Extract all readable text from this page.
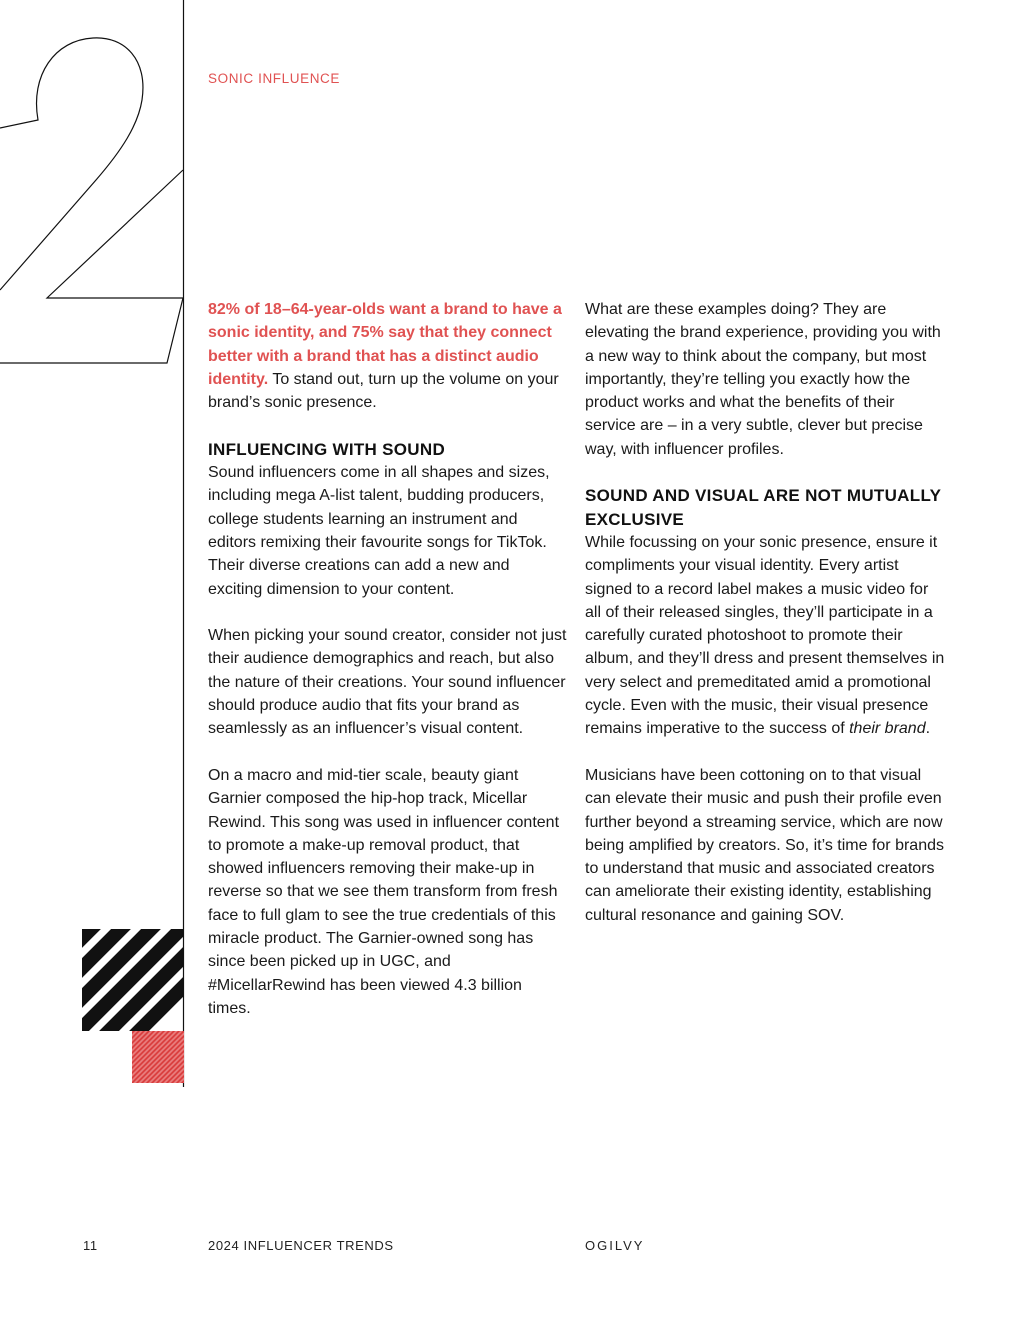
SONIC INFLUENCE

82% of 18–64-year-olds want a brand to have a sonic identity, and 75% say that they connect better with a brand that has a distinct audio identity. To stand out, turn up the volume on your brand’s sonic presence.

INFLUENCING WITH SOUND

Sound influencers come in all shapes and sizes, including mega A-list talent, budding producers, college students learning an instrument and editors remixing their favourite songs for TikTok. Their diverse creations can add a new and exciting dimension to your content.

When picking your sound creator, consider not just their audience demographics and reach, but also the nature of their creations. Your sound influencer should produce audio that fits your brand as seamlessly as an influencer’s visual content.

On a macro and mid-tier scale, beauty giant Garnier composed the hip-hop track, Micellar Rewind. This song was used in influencer content to promote a make-up removal product, that showed influencers removing their make-up in reverse so that we see them transform from fresh face to full glam to see the true credentials of this miracle product. The Garnier-owned song has since been picked up in UGC, and #MicellarRewind has been viewed 4.3 billion times.

What are these examples doing? They are elevating the brand experience, providing you with a new way to think about the company, but most importantly, they’re telling you exactly how the product works and what the benefits of their service are – in a very subtle, clever but precise way, with influencer profiles.

SOUND AND VISUAL ARE NOT MUTUALLY EXCLUSIVE

While focussing on your sonic presence, ensure it compliments your visual identity. Every artist signed to a record label makes a music video for all of their released singles, they’ll participate in a carefully curated photoshoot to promote their album, and they’ll dress and present themselves in very select and premeditated amid a promotional cycle. Even with the music, their visual presence remains imperative to the success of their brand.

Musicians have been cottoning on to that visual can elevate their music and push their profile even further beyond a streaming service, which are now being amplified by creators. So, it’s time for brands to understand that music and associated creators can ameliorate their existing identity, establishing cultural resonance and gaining SOV.

11	2024 INFLUENCER TRENDS	OGILVY
